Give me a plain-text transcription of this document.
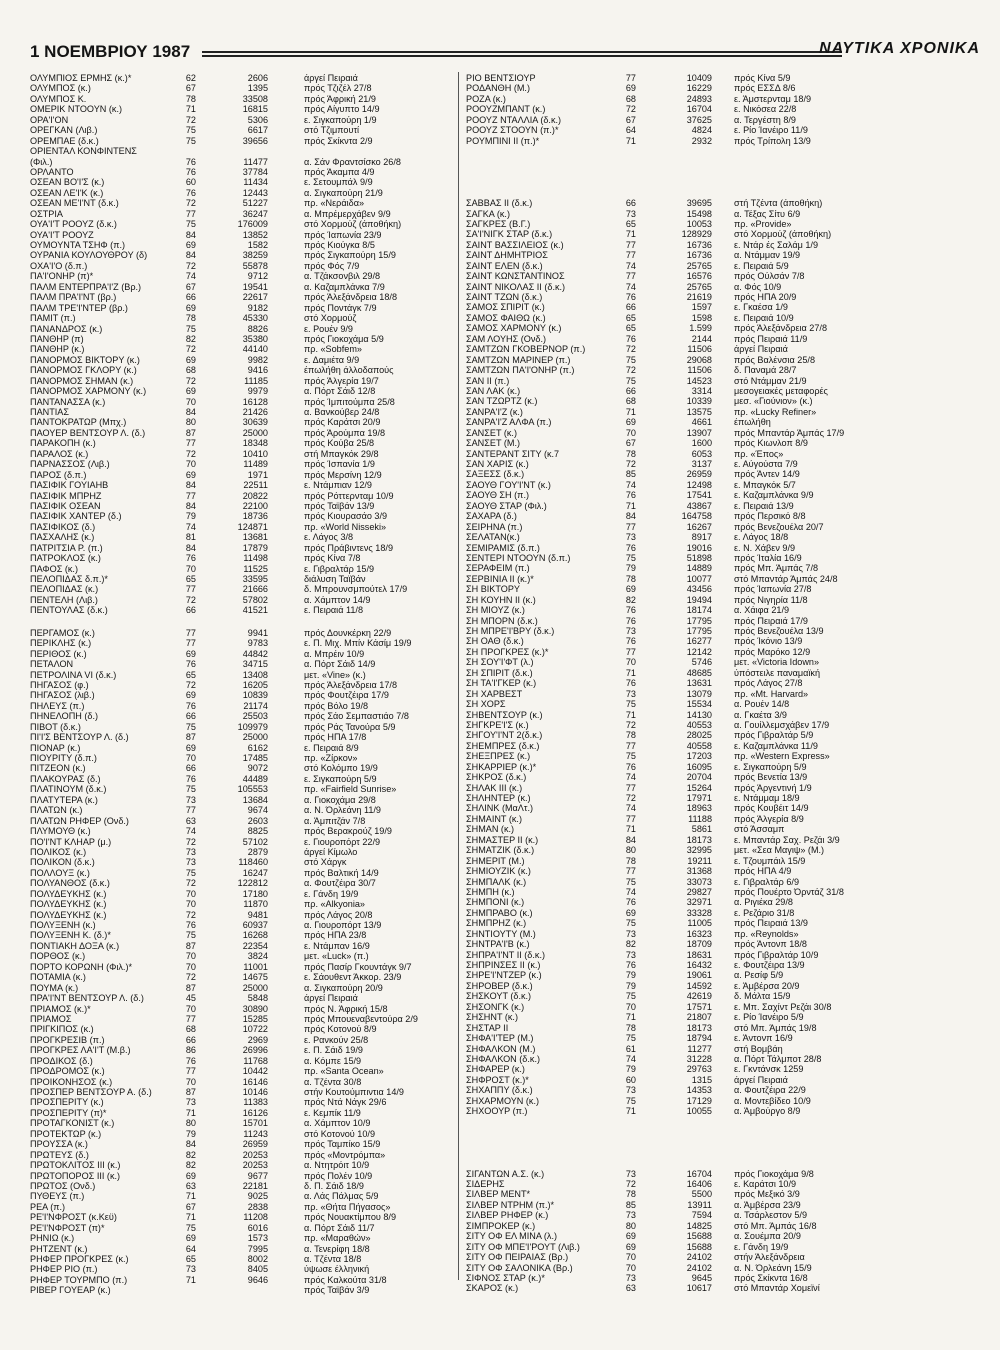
1 ΝΟΕΜΒΡΙΟΥ 1987	ΝΑΥΤΙΚΑ ΧΡΟΝΙΚΑ
ΟΛΥΜΠΙΟΣ ΕΡΜΗΣ (κ.)*	62	2606	άργεί Πειραιά
ΟΛΥΜΠΟΣ (κ.)	67	1395	πρός Τζιζέλ 27/8
ΟΛΥΜΠΟΣ Κ.	78	33508	πρός Άφρική 21/9
ΟΜΕΡΙΚ ΝΤΟΟΥΝ (κ.)	71	16815	πρός Αίγυπτο 14/9
ΟΡΑ'Ι'ΟΝ	72	5306	ε. Σιγκαπούρη 1/9
ΟΡΕΓΚΑΝ (Λιβ.)	75	6617	στό Τζιμπουτί
ΟΡΕΜΠΑΕ (δ.κ.)	75	39656	πρός Σκίκντα 2/9
ΟΡΙΕΝΤΑΛ ΚΟΝΦΙΝΤΕΝΣ
(Φιλ.)	76	11477	α. Σάν Φραντσίσκο 26/8
ΟΡΛΑΝΤΟ	76	37784	πρός Άκαμπα 4/9
ΟΣΕΑΝ ΒΟ'Ι'Σ (κ.)	60	11434	ε. Σετουμπάλ 9/9
ΟΣΕΑΝ ΛΕ'Ι'Κ (κ.)	76	12443	α. Σιγκαπούρη 21/9
ΟΣΕΑΝ ΜΕ'Ι'ΝΤ (δ.κ.)	72	51227	πρ. «Νεράιδα»
ΟΣΤΡΙΑ	77	36247	α. Μπρέμερχάβεν 9/9
ΟΥΑ'Ι'Τ ΡΟΟΥΖ (δ.κ.)	75	176009	στό Χορμούζ (άποθήκη)
ΟΥΑ'Ι'Τ ΡΟΟΥΖ	84	13852	πρός Ίαπωνία 23/9
ΟΥΜΟΥΝΤΑ ΤΣΗΦ (π.)	69	1582	πρός Κιούγκα 8/5
ΟΥΡΑΝΙΑ ΚΟΥΛΟΥΘΡΟΥ (δ)	84	38259	πρός Σιγκαπούρη 15/9
ΟΧΑ'Ι'Ο (δ.π.)	72	55878	πρός Φός 7/9
ΠΑ'Ι'ΟΝΗΡ (π)*	74	9712	α. Τζάκσονβιλ 29/8
ΠΑΛΜ ΕΝΤΕΡΠΡΑ'Ι'Ζ (Βρ.)	67	19541	α. Καζαμπλάνκα 7/9
ΠΑΛΜ ΠΡΑ'Ι'ΝΤ (βρ.)	66	22617	πρός Άλεξάνδρεια 18/8
ΠΑΛΜ ΤΡΕ'Ι'ΝΤΕΡ (βρ.)	69	9182	πρός Ποντάγκ 7/9
ΠΑΜΙΤ (π.)	78	45330	στό Χορμούζ
ΠΑΝΑΝΔΡΟΣ (κ.)	75	8826	ε. Ρουέν 9/9
ΠΑΝΘΗΡ (π)	82	35380	πρός Γιοκοχάμα 5/9
ΠΑΝΘΗΡ (κ.)	72	44140	πρ. «Sobfem»
ΠΑΝΟΡΜΟΣ ΒΙΚΤΟΡΥ (κ.)	69	9982	ε. Δαμιέτα 9/9
ΠΑΝΟΡΜΟΣ ΓΚΛΟΡΥ (κ.)	68	9416	έπωλήθη άλλοδαπούς
ΠΑΝΟΡΜΟΣ ΣΗΜΑΝ (κ.)	72	11185	πρός Άλγερία 19/7
ΠΑΝΟΡΜΟΣ ΧΑΡΜΟΝΥ (κ.)	69	9979	α. Πόρτ Σάιδ 12/8
ΠΑΝΤΑΝΑΣΣΑ (κ.)	70	16128	πρός Ίμπιτούμπα 25/8
ΠΑΝΤΙΑΣ	84	21426	α. Βανκούβερ 24/8
ΠΑΝΤΟΚΡΑΤΩΡ (Μπχ.)	80	30639	πρός Καράτσι 20/9
ΠΑΟΥΕΡ ΒΕΝΤΣΟΥΡ Λ. (δ.)	87	25000	πρός Άρούμπα 19/8
ΠΑΡΑΚΟΠΗ (κ.)	77	18348	πρός Κούβα 25/8
ΠΑΡΑΛΟΣ (κ.)	72	10410	στή Μπαγκόκ 29/8
ΠΑΡΝΑΣΣΟΣ (Λιβ.)	70	11489	πρός Ίσπανία 1/9
ΠΑΡΟΣ (δ.π.)	69	1971	πρός Μερσίνη 12/9
ΠΑΣΙΦΙΚ ΓΟΥΙΑΗΒ	84	22511	ε. Ντάμπιαν 12/9
ΠΑΣΙΦΙΚ ΜΠΡΗΖ	77	20822	πρός Ρόττερνταμ 10/9
ΠΑΣΙΦΙΚ ΟΣΕΑΝ	84	22100	πρός Ταϊβάν 13/9
ΠΑΣΙΦΙΚ ΧΑΝΤΕΡ (δ.)	79	18736	πρός Κιουρασάο 3/9
ΠΑΣΙΦΙΚΟΣ (δ.)	74	124871	πρ. «World Nisseki»
ΠΑΣΧΑΛΗΣ (κ.)	81	13681	ε. Λάγος 3/8
ΠΑΤΡΙΤΣΙΑ Ρ. (π.)	84	17879	πρός Πράβιντενς 18/9
ΠΑΤΡΟΚΛΟΣ (κ.)	76	11498	πρός Κίνα 7/8
ΠΑΦΟΣ (κ.)	70	11525	ε. Γιβραλτάρ 15/9
ΠΕΛΟΠΙΔΑΣ δ.π.)*	65	33595	διάλυση Ταϊβάν
ΠΕΛΟΠΙΔΑΣ (κ.)	77	21666	δ. Μπρουνσμπούτελ 17/9
ΠΕΝΤΕΛΗ (Λιβ.)	72	57802	α. Χάμπτον 14/9
ΠΕΝΤΟΥΛΑΣ (δ.κ.)	66	41521	ε. Πειραιά 11/8
ΠΕΡΓΑΜΟΣ (κ.)	77	9941	πρός Δουνκέρκη 22/9
ΠΕΡΙΚΛΗΣ (κ.)	77	9783	ε. Π. Μιχ. Μπίν Κάσίμ 19/9
ΠΕΡΙΘΟΣ (κ.)	69	44842	α. Μπρέιν 10/9
ΠΕΤΑΛΟΝ	76	34715	α. Πόρτ Σάιδ 14/9
ΠΕΤΡΟΛΙΝΑ VI (δ.κ.)	65	13408	μετ. «Vine» (κ.)
ΠΗΓΑΣΟΣ (φ.)	72	16205	πρός Άλεξάνδρεια 17/8
ΠΗΓΑΣΟΣ (λιβ.)	69	10839	πρός Φουτζέιρα 17/9
ΠΗΛΕΥΣ (π.)	76	21174	πρός Βόλο 19/8
ΠΗΝΕΛΟΠΗ (δ.)	66	25503	πρός Σάο Σεμπαστιάο 7/8
ΠΙΒΟΤ (δ.κ.)	75	109979	πρός Ράς Τανούρα 5/9
ΠΙ'Ι'Σ ΒΕΝΤΣΟΥΡ Λ. (δ.)	87	25000	πρός ΗΠΑ 17/8
ΠΙΟΝΑΡ (κ.)	69	6162	ε. Πειραιά 8/9
ΠΙΟΥΡΙΤΥ (δ.π.)	70	17485	πρ. «Ζίρκον»
ΠΙΤΖΕΟΝ (κ.)	66	9072	στό Κολόμπο 19/9
ΠΛΑΚΟΥΡΑΣ (δ.)	76	44489	ε. Σιγκαπούρη 5/9
ΠΛΑΤΙΝΟΥΜ (δ.κ.)	75	105553	πρ. «Fairfield Sunrise»
ΠΛΑΤΥΤΕΡΑ (κ.)	73	13684	α. Γιοκοχάμα 29/8
ΠΛΑΤΩΝ (κ.)	77	9674	α. Ν. Όρλεάνη 11/9
ΠΛΑΤΩΝ ΡΗΦΕΡ (Ονδ.)	63	2603	α. Άμπιτζάν 7/8
ΠΛΥΜΟΥΘ (κ.)	74	8825	πρός Βερακρούζ 19/9
ΠΟ'Ι'ΝΤ ΚΛΗΑΡ (μ.)	72	57102	ε. Γιουροπόρτ 22/9
ΠΟΛΙΚΟΣ (κ.)	73	2879	άργεί Κίμωλο
ΠΟΛΙΚΟΝ (δ.κ.)	73	118460	στό Χάργκ
ΠΟΛΛΟΥΞ (κ.)	75	16247	πρός Βαλτική 14/9
ΠΟΛΥΑΝΘΟΣ (δ.κ.)	72	122812	α. Φουτζέιρα 30/7
ΠΟΛΥΔΕΥΚΗΣ (κ.)	70	17180	ε. Γάνδη 19/9
ΠΟΛΥΔΕΥΚΗΣ (κ.)	70	11870	πρ. «Alkyonia»
ΠΟΛΥΔΕΥΚΗΣ (κ.)	72	9481	πρός Λάγος 20/8
ΠΟΛΥΞΕΝΗ (κ.)	76	60937	α. Γιουροπόρτ 13/9
ΠΟΛΥΞΕΝΗ Κ. (δ.)*	75	16268	πρός ΗΠΑ 23/8
ΠΟΝΤΙΑΚΗ ΔΟΞΑ (κ.)	87	22354	ε. Ντάμπαν 16/9
ΠΟΡΘΟΣ (κ.)	70	3824	μετ. «Luck» (π.)
ΠΟΡΤΟ ΚΟΡΩΝΗ (Φιλ.)*	70	11001	πρός Πασίρ Γκουντάγκ 9/7
ΠΟΤΑΜΙΑ (κ.)	72	14675	ε. Σάουθεντ Άκκορ. 23/9
ΠΟΥΜΑ (κ.)	87	25000	α. Σιγκαπούρη 20/9
ΠΡΑ'Ι'ΝΤ ΒΕΝΤΣΟΥΡ Λ. (δ.)	45	5848	άργεί Πειραιά
ΠΡΙΑΜΟΣ (κ.)*	70	30890	πρός Ν. Άφρική 15/8
ΠΡΙΑΜΟΣ	77	15285	πρός Μπουεναβεντούρα 2/9
ΠΡΙΓΚΙΠΟΣ (κ.)	68	10722	πρός Κοτονού 8/9
ΠΡΟΓΚΡΕΣΙΒ (π.)	66	2969	ε. Ρανκούν 25/8
ΠΡΟΓΚΡΕΣ ΛΑ'Ι'Τ (Μ.β.)	86	26996	ε. Π. Σάιδ 19/9
ΠΡΟΔΙΚΟΣ (δ.)	76	11768	α. Κόμπε 15/9
ΠΡΟΔΡΟΜΟΣ (κ.)	77	10442	πρ. «Santa Ocean»
ΠΡΟΙΚΟΝΗΣΟΣ (κ.)	70	16146	α. Τζέντα 30/8
ΠΡΟΣΠΕΡ ΒΕΝΤΣΟΥΡ Α. (δ.)	87	10146	στήν Κουτούμπιντια 14/9
ΠΡΟΣΠΕΡΙΤΥ (κ.)	73	11383	πρός Ντά Νάγκ 29/6
ΠΡΟΣΠΕΡΙΤΥ (π)*	71	16126	ε. Κεμπίκ 11/9
ΠΡΟΤΑΓΚΟΝΙΣΤ (κ.)	80	15701	α. Χάμπτον 10/9
ΠΡΟΤΕΚΤΩΡ (κ.)	79	11243	στό Κοτονού 10/9
ΠΡΟΥΣΣΑ (κ.)	84	26959	πρός Ταμπίκο 15/9
ΠΡΩΤΕΥΣ (δ.)	82	20253	πρός «Μοντρόμπα»
ΠΡΩΤΟΚΛΙΤΟΣ III (κ.)	82	20253	α. Ντητρόιτ 10/9
ΠΡΩΤΟΠΟΡΟΣ III (κ.)	69	9677	πρός Πολέν 10/9
ΠΡΩΤΟΣ (Ονδ.)	63	22181	δ. Π. Σάιδ 18/9
ΠΥΘΕΥΣ (π.)	71	9025	α. Λάς Πάλμας 5/9
ΡΕΑ (π.)	67	2838	πρ. «Θήτα Πήγασος»
ΡΕ'Ι'ΝΦΡΟΣΤ (κ.Κεϋ)	71	11208	πρός Νουακτίμπου 8/9
ΡΕ'Ι'ΝΦΡΟΣΤ (π)*	75	6016	α. Πόρτ Σάιδ 11/7
ΡΗΝΙΩ (κ.)	69	1573	πρ. «Μαραθών»
ΡΗΤΖΕΝΤ (κ.)	64	7995	α. Τενερίφη 18/8
ΡΗΦΕΡ ΠΡΟΓΚΡΕΣ (κ.)	65	8002	α. Τζέντα 18/8
ΡΗΦΕΡ ΡΙΟ (π.)	73	8405	ύψωσε έλληνική
ΡΗΦΕΡ ΤΟΥΡΜΠΟ (π.)	71	9646	πρός Καλκούτα 31/8
ΡΙΒΕΡ ΓΟΥΕΑΡ (κ.)	πρός Ταϊβάν 3/9
ΡΙΟ ΒΕΝΤΣΙΟΥΡ	77	10409 πρός Κίνα 5/9
ΡΟΔΑΝΘΗ (Μ.)	69	16229 πρός ΕΣΣΔ 8/6
ΡΟΖΑ (κ.)	68	24893 ε. Άμστερνταμ 18/9
ΡΟΟΥΖΜΠΑΝΤ (κ.)	72	16704 ε. Νικόσεα 22/8
ΡΟΟΥΖ ΝΤΑΛΛΙΑ (δ.κ.)	67	37625 α. Τεργέστη 8/9
ΡΟΟΥΖ ΣΤΟΟΥΝ (π.)*	64	4824 ε. Ρίο Ίανέιρο 11/9
ΡΟΥΜΠΙΝΙ II (π.)*	71	2932 πρός Τρίπολη 13/9
ΣΑΒΒΑΣ II (δ.κ.)	66	39695 στή Τζέντα (άποθήκη)
ΣΑΓΚΑ (κ.)	73	15498 α. Τέξας Σίτυ 6/9
ΣΑΓΚΡΕΣ (Β.Γ.)	65	10053 πρ. «Provide»
ΣΑ'Ι'ΝΙΓΚ ΣΤΑΡ (δ.κ.)	71	128929 στό Χορμούζ (άποθήκη)
ΣΑΙΝΤ ΒΑΣΣΙΛΕΙΟΣ (κ.)	77	16736 ε. Ντάρ ές Σαλάμ 1/9
ΣΑΙΝΤ ΔΗΜΗΤΡΙΟΣ	77	16736 α. Ντάμμαν 19/9
ΣΑΙΝΤ ΕΛΕΝ (δ.κ.)	74	25765 ε. Πειραιά 5/9
ΣΑΙΝΤ ΚΩΝΣΤΑΝΤΙΝΟΣ	77	16576 πρός Ούλσάν 7/8
ΣΑΙΝΤ ΝΙΚΟΛΑΣ II (δ.κ.)	74	25765 α. Φός 10/9
ΣΑΙΝΤ ΤΖΩΝ (δ.κ.)	76	21619 πρός ΗΠΑ 20/9
ΣΑΜΟΣ ΣΠΙΡΙΤ (κ.)	66	1597 ε. Γκαέσα 1/9
ΣΑΜΟΣ ΦΑΙΘΩ (κ.)	65	1598 ε. Πειραιά 10/9
ΣΑΜΟΣ ΧΑΡΜΟΝΥ (κ.)	65	1.599 πρός Άλεξάνδρεια 27/8
ΣΑΜ ΛΟΥΗΣ (Ονδ.)	76	2144 πρός Πειραιά 11/9
ΣΑΜΤΖΩΝ ΓΚΟΒΕΡΝΟΡ (π.)	72	11506 άργεί Πειραιά
ΣΑΜΤΖΩΝ ΜΑΡΙΝΕΡ (π.)	75	29068 πρός Βαλένσια 25/8
ΣΑΜΤΖΩΝ ΠΑ'Ι'ΟΝΗΡ (π.)	72	11506 δ. Παναμά 28/7
ΣΑΝ II (π.)	75	14523 στό Ντάμμαν 21/9
ΣΑΝ ΛΑΚ (κ.)	66	3314 μεσογειακές μεταφορές
ΣΑΝ ΤΖΩΡΤΖ (κ.)	68	10339 μεσ. «Γιούνιον» (κ.)
ΣΑΝΡΑ'Ι'Ζ (κ.)	71	13575 πρ. «Lucky Refiner»
ΣΑΝΡΑ'Ι'Ζ ΑΛΦΑ (π.)	69	4661 έπωλήθη
ΣΑΝΣΕΤ (κ.)	70	13907 πρός Μπαντάρ Άμπάς 17/9
ΣΑΝΣΕΤ (Μ.)	67	1600 πρός Κιωνλοπ 8/9
ΣΑΝΤΕΡΑΝΤ ΣΙΤΥ (κ.7	78	6053 πρ. «Έπος»
ΣΑΝ ΧΑΡΙΣ (κ.)	72	3137 ε. Αύγούστα 7/9
ΣΑΞΕΣΣ (δ.κ.)	85	26959 πρός Άντεν 14/9
ΣΑΟΥΘ ΓΟΥ'Ι'ΝΤ (κ.)	74	12498 ε. Μπαγκόκ 5/7
ΣΑΟΥΘ ΣΗ (π.)	76	17541 ε. Καζαμπλάνκα 9/9
ΣΑΟΥΘ ΣΤΑΡ (Φιλ.)	71	43867 ε. Πειραιά 13/9
ΣΑΧΑΡΑ (δ.)	84	164758 πρός Περσικό 8/8
ΣΕΙΡΗΝΑ (π.)	77	16267 πρός Βενεζουέλα 20/7
ΣΕΛΑΤΑΝ(κ.)	73	8917 ε. Λάγος 18/8
ΣΕΜΙΡΑΜΙΣ (δ.π.)	76	19016 ε. Ν. Χάβεν 9/9
ΣΕΝΤΕΡΙ ΝΤΟΟΥΝ (δ.π.)	75	51898 πρός Ίταλία 16/9
ΣΕΡΑΦΕΙΜ (π.)	79	14889 πρός Μπ. Άμπάς 7/8
ΣΕΡΒΙΝΙΑ II (κ.)*	78	10077 στό Μπαντάρ Άμπάς 24/8
ΣΗ ΒΙΚΤΟΡΥ	69	43456 πρός Ίαπωνία 27/8
ΣΗ ΚΟΥΗΝ II (κ.)	82	19494 πρός Νιγηρία 11/8
ΣΗ ΜΙΟΥΖ (κ.)	76	18174 α. Χάιφα 21/9
ΣΗ ΜΠΟΡΝ (δ.κ.)	76	17795 πρός Πειραιά 17/9
ΣΗ ΜΠΡΕ'Ι'ΒΡΥ (δ.κ.)	73	17795 πρός Βενεζουέλα 13/9
ΣΗ ΟΑΘ (δ.κ.)	76	16277 πρός Ίκόνιο 13/9
ΣΗ ΠΡΟΓΚΡΕΣ (κ.)*	77	12142 πρός Μαρόκο 12/9
ΣΗ ΣΟΥ'Ι'ΦΤ (λ.)	70	5746 μετ. «Victoria Idown»
ΣΗ ΣΠΙΡΙΤ (δ.κ.)	71	48685 ύπόστειλε παναμαϊκή
ΣΗ ΤΑ'Ι'ΓΚΕΡ (κ.)	76	13631 πρός Λάγος 27/8
ΣΗ ΧΑΡΒΕΣΤ	73	13079 πρ. «Mt. Harvard»
ΣΗ ΧΟΡΣ	75	15534 α. Ρουέν 14/8
ΣΗΒΕΝΤΣΟΥΡ (κ.)	71	14130 α. Γκαέτα 3/9
ΣΗΓΚΡΕ'Ι'Σ (κ.)	72	40553 α. Γουίλλεμσχάβεν 17/9
ΣΗΓΟΥ'Ι'ΝΤ 2(δ.κ.)	78	28025 πρός Γιβραλτάρ 5/9
ΣΗΕΜΠΡΕΣ (δ.κ.)	77	40558 ε. Καζαμπλάνκα 11/9
ΣΗΕΞΠΡΕΣ (κ.)	75	17203 πρ. «Western Express»
ΣΗΚΑΡΡΙΕΡ (κ.)*	76	16095 ε. Σιγκαπούρη 5/9
ΣΗΚΡΟΣ (δ.κ.)	74	20704 πρός Βενετία 13/9
ΣΗΛΑΚ III (κ.)	77	15264 πρός Άργεντινή 1/9
ΣΗΛΗΝΤΕΡ (κ.)	72	17971 ε. Ντάμμαμ 18/9
ΣΗΛΙΝΚ (ΜαΛτ.)	74	18963 πρός Κουβέιτ 14/9
ΣΗΜΑΙΝΤ (κ.)	77	11188 πρός Άλγερία 8/9
ΣΗΜΑΝ (κ.)	71	5861 στό Άσσαμπ
ΣΗΜΑΣΤΕΡ II (κ.)	84	18173 ε. Μπαντάρ Σαχ. Ρεζάι 3/9
ΣΗΜΑΤΖΙΚ (δ.κ.)	80	32995 μετ. «Σεα Μαγιψ» (Μ.)
ΣΗΜΕΡΙΤ (Μ.)	78	19211 ε. Τζουμπάιλ 15/9
ΣΗΜΙΟΥΖΙΚ (κ.)	77	31368 πρός ΗΠΑ 4/9
ΣΗΜΠΑΛΚ (κ.)	75	33073 ε. Γιβραλτάρ 6/9
ΣΗΜΠΗ (κ.)	74	29827 πρός Πουέρτο Όρντάζ 31/8
ΣΗΜΠΟΝΙ (κ.)	76	32971 α. Ριγιέκα 29/8
ΣΗΜΠΡΑΒΟ (κ.)	69	33328 ε. Ρεζάριο 31/8
ΣΗΜΠΡΗΖ (κ.)	75	11005 πρός Πειραιά 13/9
ΣΗΝΤΙΟΥΤΥ (Μ.)	73	16323 πρ. «Reynolds»
ΣΗΝΤΡΑ'Ι'Β (κ.)	82	18709 πρός Άντονπ 18/8
ΣΗΠΡΑ'Ι'ΝΤ II (δ.κ.)	73	18631 πρός Γιβραλτάρ 10/9
ΣΗΠΡΙΝΣΕΣ II (κ.)	76	16432 ε. Φουτζέιρα 13/9
ΣΗΡΕ'Ι'ΝΤΖΕΡ (κ.)	79	19061 α. Ρεσίφ 5/9
ΣΗΡΟΒΕΡ (δ.κ.)	79	14592 ε. Άμβέρσα 20/9
ΣΗΣΚΟΥΤ (δ.κ.)	75	42619 δ. Μάλτα 15/9
ΣΗΣΟΝΓΚ (κ.)	70	17571 ε. Μπ. Σαχίντ Ρεζάι 30/8
ΣΗΣΗΝΤ (κ.)	71	21807 ε. Ρίο Ίανέιρο 5/9
ΣΗΣΤΑΡ II	78	18173 στό Μπ. Άμπάς 19/8
ΣΗΦΑ'Ι'ΤΕΡ (Μ.)	75	18794 ε. Άντονπ 16/9
ΣΗΦΑΛΚΟΝ (Μ.)	61	11277 στή Βομβάη
ΣΗΦΑΛΚΟΝ (δ.κ.)	74	31228 α. Πόρτ Τάλμποτ 28/8
ΣΗΦΑΡΕΡ (κ.)	79	29763 ε. Γκντάνσκ 1259
ΣΗΦΡΟΣΤ (κ.)*	60	1315 άργεί Πειραιά
ΣΗΧΑΠΠΥ (δ.κ.)	73	14353 α. Φουτζέιρα 22/9
ΣΗΧΑΡΜΟΥΝ (κ.)	75	17129 α. Μοντεβίδεο 10/9
ΣΗΧΟΟΥΡ (π.)	71	10055 α. Άμβούργο 8/9
ΣΙΓΑΝΤΩΝ Α.Σ. (κ.)	73	16704 πρός Γιοκοχάμα 9/8
ΣΙΔΕΡΗΣ	72	16406 ε. Καράτσι 10/9
ΣΙΛΒΕΡ ΜΕΝΤ*	78	5500 πρός Μεξικό 3/9
ΣΙΛΒΕΡ ΝΤΡΗΜ (π.)*	85	13911 α. Άμβέρσα 23/9
ΣΙΛΒΕΡ ΡΗΦΕΡ (κ.)	73	7594 α. Τσάρλεστον 5/9
ΣΙΜΠΡΟΚΕΡ (κ.)	80	14825 στό Μπ. Άμπάς 16/8
ΣΙΤΥ ΟΦ ΕΛ ΜΙΝΑ (λ.)	69	15688 α. Σουέμπα 20/9
ΣΙΤΥ ΟΦ ΜΠΕ'Ι'ΡΟΥΤ (Λιβ.)	69	15688 ε. Γάνδη 19/9
ΣΙΤΥ ΟΦ ΠΕΙΡΑΙΑΣ (Βρ.)	70	24102 στήν Άλεξάνδρεια
ΣΙΤΥ ΟΦ ΣΑΛΟΝΙΚΑ (Βρ.)	70	24102 α. Ν. Όρλεάνη 15/9
ΣΙΦΝΟΣ ΣΤΑΡ (κ.)*	73	9645 πρός Σκίκντα 16/8
ΣΚΑΡΟΣ (κ.)	63	10617 στό Μπαντάρ Χομεϊνί
